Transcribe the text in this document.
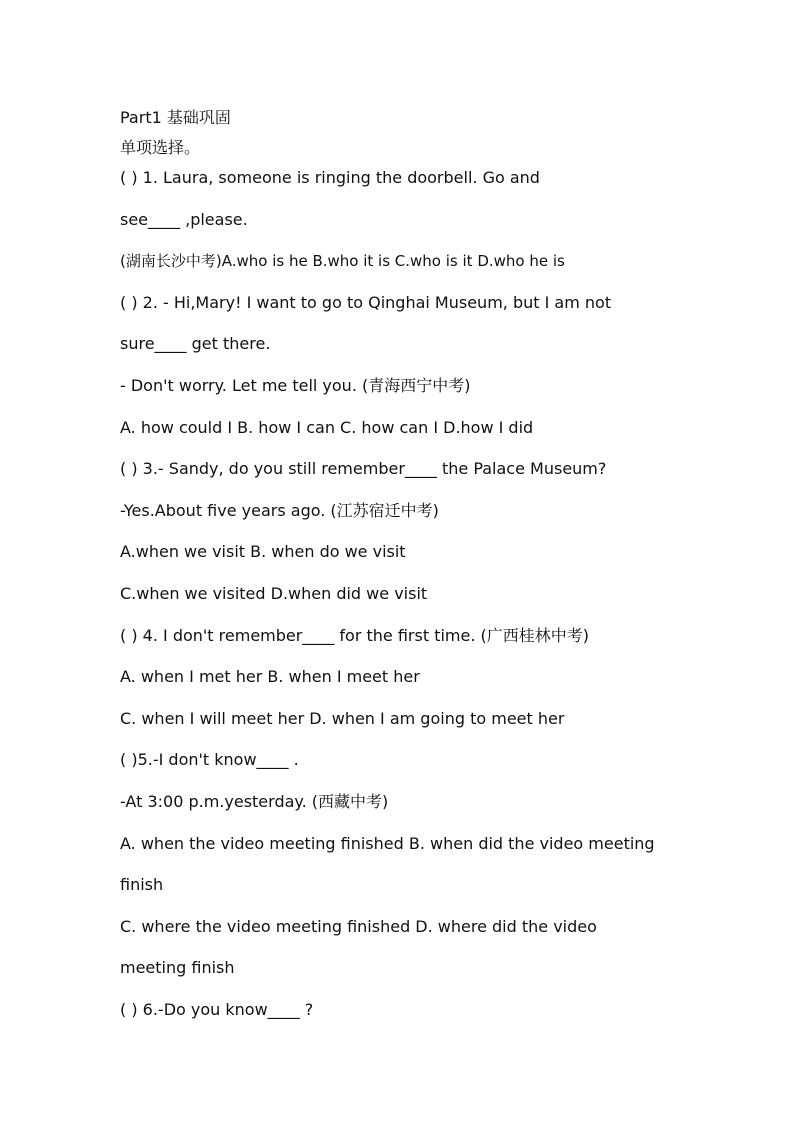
Part1 基础巩固
单项选择。
( ) 1. Laura, someone is ringing the doorbell. Go and
see____ ,please.
(湖南长沙中考)A.who is he B.who it is C.who is it D.who he is
( ) 2. - Hi,Mary! I want to go to Qinghai Museum, but I am not
sure____ get there.
- Don't worry. Let me tell you. (青海西宁中考)
A. how could I B. how I can C. how can I D.how I did
( ) 3.- Sandy, do you still remember____ the Palace Museum?
-Yes.About five years ago. (江苏宿迁中考)
A.when we visit B. when do we visit
C.when we visited D.when did we visit
( ) 4. I don't remember____ for the first time. (广西桂林中考)
A. when I met her B. when I meet her
C. when I will meet her D. when I am going to meet her
( )5.-I don't know____ .
-At 3:00 p.m.yesterday. (西藏中考)
A. when the video meeting finished B. when did the video meeting
finish
C. where the video meeting finished D. where did the video
meeting finish
( ) 6.-Do you know____ ?
